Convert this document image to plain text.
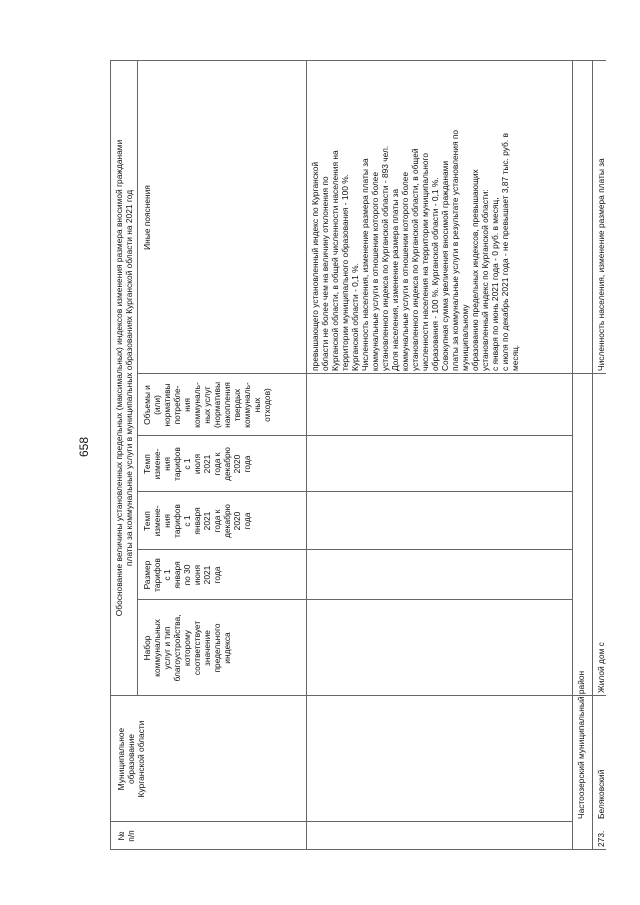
658
№
п/п
Муниципальное
образование
Курганской области
Обоснование величины установленных предельных (максимальных) индексов изменения размера вносимой гражданами
платы за коммунальные услуги в муниципальных образованиях Курганской области на 2021 год
Набор
коммунальных
услуг и тип
благоустройства,
которому
соответствует
значение
предельного
индекса
Размер
тарифов
с 1
января
по 30
июня
2021
года
Темп
измене-
ния
тарифов
с 1
января
2021
года к
декабрю
2020
года
Темп
измене-
ния
тарифов
с 1
июля
2021
года к
декабрю
2020
года
Объемы и
(или)
нормативы
потребле-
ния
коммуналь-
ных услуг
(нормативы
накопления
твердых
коммуналь-
ных
отходов)
Иные пояснения
превышающего установленный индекс по Курганской
области не более чем на величину отклонения по
Курганской области, в общей численности населения на
территории муниципального образования - 100 %.
Курганской области - 0,1 %.
Численность населения, изменение размера платы за
коммунальные услуги в отношении которого более
установленного индекса по Курганской области - 893 чел.
Доля населения, изменение размера платы за
коммунальные услуги в отношении которого более
установленного индекса по Курганской области, в общей
численности населения на территории муниципального
образования - 100 %. Курганской области - 0,1 %.
Совокупная сумма увеличения вносимой гражданами
платы за коммунальные услуги в результате установления по муниципальному
образованию предельных индексов, превышающих
установленный индекс по Курганской области:
с января по июнь 2021 года - 0 руб. в месяц,
с июля по декабрь 2021 года - не превышает 3,87 тыс. руб. в
месяц.
Частоозерский муниципальный район
273.
Беляковский
Жилой дом с
Численность населения, изменение размера платы за
